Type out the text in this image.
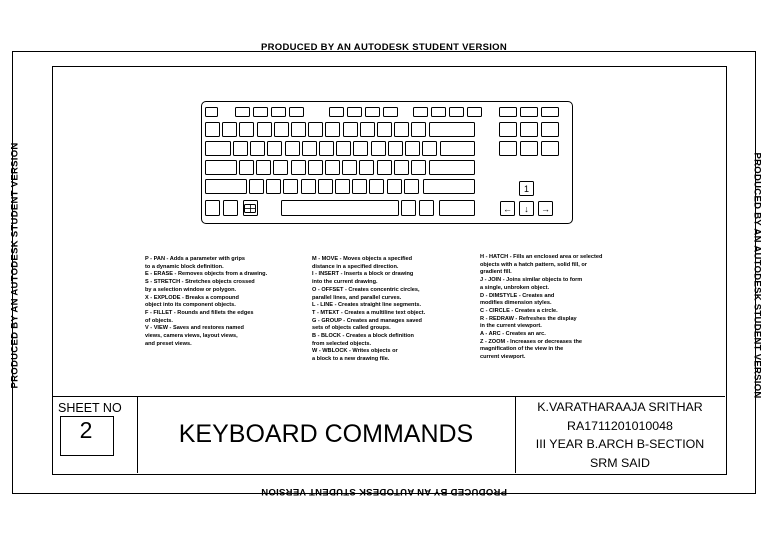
PRODUCED BY AN AUTODESK STUDENT VERSION
PRODUCED BY AN AUTODESK STUDENT VERSION
PRODUCED BY AN AUTODESK STUDENT VERSION	PRODUCED BY AN AUTODESK STUDENT VERSION
1
←	↓	→
P - PAN - Adds a parameter with grips
to a dynamic block definition.
E - ERASE - Removes objects from a drawing.
S - STRETCH - Stretches objects crossed
by a selection window or polygon.
X - EXPLODE - Breaks a compound
object into its component objects.
F - FILLET - Rounds and fillets the edges
of objects.
V - VIEW - Saves and restores named
views, camera views, layout views,
and preset views.
M - MOVE - Moves objects a specified
distance in a specified direction.
I - INSERT - Inserts a block or drawing
into the current drawing.
O - OFFSET - Creates concentric circles,
parallel lines, and parallel curves.
L - LINE - Creates straight line segments.
T - MTEXT - Creates a multiline text object.
G - GROUP - Creates and manages saved
sets of objects called groups.
B - BLOCK - Creates a block definition
from selected objects.
W - WBLOCK - Writes objects or
a block to a new drawing file.
H - HATCH - Fills an enclosed area or selected
objects with a hatch pattern, solid fill, or
gradient fill.
J - JOIN - Joins similar objects to form
a single, unbroken object.
D - DIMSTYLE - Creates and
modifies dimension styles.
C - CIRCLE - Creates a circle.
R - REDRAW - Refreshes the display
in the current viewport.
A - ARC - Creates an arc.
Z - ZOOM - Increases or decreases the
magnification of the view in the
current viewport.
SHEET NO
2	KEYBOARD COMMANDS
K.VARATHARAAJA SRITHAR
RA1711201010048
III YEAR B.ARCH B-SECTION
SRM SAID
